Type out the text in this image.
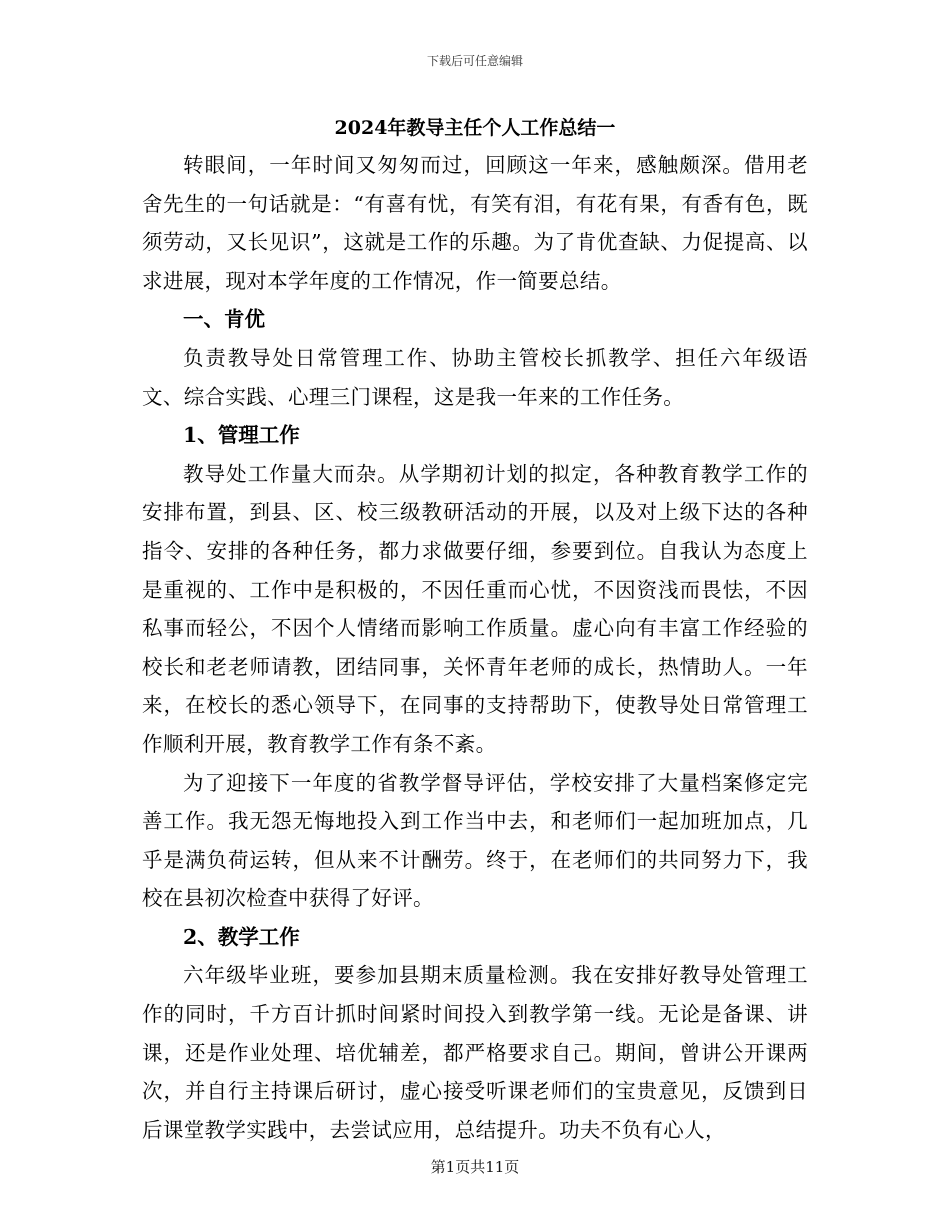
下载后可任意编辑
2024年教导主任个人工作总结一

转眼间，一年时间又匆匆而过，回顾这一年来，感触颇深。借用老舍先生的一句话就是：“有喜有忧，有笑有泪，有花有果，有香有色，既须劳动，又长见识”，这就是工作的乐趣。为了肯优查缺、力促提高、以求进展，现对本学年度的工作情况，作一简要总结。

一、肯优

负责教导处日常管理工作、协助主管校长抓教学、担任六年级语文、综合实践、心理三门课程，这是我一年来的工作任务。

1、管理工作

教导处工作量大而杂。从学期初计划的拟定，各种教育教学工作的安排布置，到县、区、校三级教研活动的开展，以及对上级下达的各种指令、安排的各种任务，都力求做要仔细，参要到位。自我认为态度上是重视的、工作中是积极的，不因任重而心忧，不因资浅而畏怯，不因私事而轻公，不因个人情绪而影响工作质量。虚心向有丰富工作经验的校长和老老师请教，团结同事，关怀青年老师的成长，热情助人。一年来，在校长的悉心领导下，在同事的支持帮助下，使教导处日常管理工作顺利开展，教育教学工作有条不紊。

为了迎接下一年度的省教学督导评估，学校安排了大量档案修定完善工作。我无怨无悔地投入到工作当中去，和老师们一起加班加点，几乎是满负荷运转，但从来不计酬劳。终于，在老师们的共同努力下，我校在县初次检查中获得了好评。

2、教学工作

六年级毕业班，要参加县期末质量检测。我在安排好教导处管理工作的同时，千方百计抓时间紧时间投入到教学第一线。无论是备课、讲课，还是作业处理、培优辅差，都严格要求自己。期间，曾讲公开课两次，并自行主持课后研讨，虚心接受听课老师们的宝贵意见，反馈到日后课堂教学实践中，去尝试应用，总结提升。功夫不负有心人，

第1页共11页
